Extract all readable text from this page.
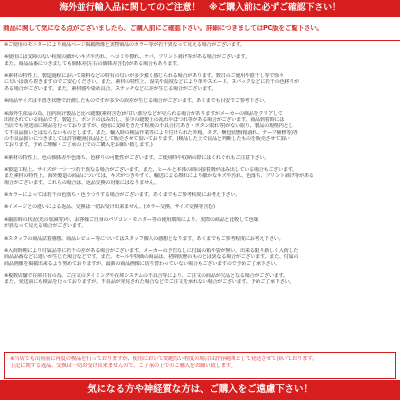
海外並行輸入品に関してのご注意！　※ご購入前に必ずご確認下さい！
商品に関して気になる点がございましたら、ご購入前にご確認下さい。詳細につきましてはPC版をご覧下さい。
※ご使用のモニターにより商品ページ掲載画像と実物商品のカラー等が若干異なって見える場合がございます。
※使用には支障のない程度の細かいキズや汚れ、ヘコミや擦れ、ケバ、プリント剥げ等がある場合がございます。
また、商品品番につきましても個体差(左右の個体差含む)がある場合もあります。
※素材の特性上、製造過程において染料などの特有の匂いが多少強く感じられる場合があります。数日のご使用や陰干し等で徐々
に匂いは落ち着きますのでご安心ください。また、素材の特性上、湿気や温度などにより革やスエード、ヌバックなどに若干の色移りが
ある場合がございます。また、素材感や染め具合、ステッチなどに差が生じる場合がございます。
※商品サイズは平置き状態で計測したものですが多少の誤差が生じる場合がございます。あくまでも目安でご参考下さい。
※海外生産品の為、国内向け製品と比べ縫製(素材含む)が甘い部分などが見られる場合がありますがメーカーの検品をクリアして
出荷されている商品です。製造上、ボンドのはみ出し、多少の縫製上の乱れやほつれ等がある場合がございます。商品到着時には
当店でも発送前に検品を行っておりますが、使用に支障をきたす程度の不具合(穴あき・ボタン取れ等)がない限り、製品の規格内とし
て不良品扱いとはならないものとします。また、輸入時の検品作業等により付けられた外箱、タグ、梱包状態(箱潰れ、テープ補修等)等
の不良品扱いにつきましては許容範囲(良品)として販売させて頂いております。(検品した上で良品と判断したものを販売させて頂い
ております。予めご理解・ご了承の上でのご購入をお願い致します。)
※素材の特性上、色の個体差や色落ち、色移りの可能性がございます。ご使用時や収納の際にはくれぐれもご注意下さい。
※製造工程上、サイズが一つ一つ若干異なる場合がございます。また、ヒールと本体の間の接着剤がはみ出している場合もございます。
また素材の特性上、海外製造の商品については、キズがつきやすく、輸送による擦れにより細かなキズや汚れ、色落ち、プリント剥げ等がある
場合がございます。これらの場合は、返品交換の対象にはなりません。
※カラーによっては若干の色落ち・色うつりする場合がございます。あくまでもご参考程度にお考え下さい。
※イメージとの違いによる返品、交換は一切お受け出来ません。(カラー交換、サイズ交換等含む)
※撮影時の状況(光の加減等)や、お客様ご自身のパソコン・モニター等の使用環境により、実際の商品と比較して色味
が異なって見える場合がございます。
※スタッフの商品試着感想、商品レビュー等についてはスタッフ個人の感想となります。あくまでもご参考程度にお考え下さい。
※入荷時期により付属品等に若干の差がある場合がございます。メーカーの予告なしに付属の箱や袋が無い、出来る限り新しく入荷した
商品品番などに違いが生じた場合などです。また、セールや特価の商品は、初期状態のものとは異なる場合がございます。また、付属の
商品画像を掲載出来るよう努めておりますが、最新の商品画像に切り替わっていない場合もございますので予めご了承下さい。
※複数店舗で在庫共有の為、ご注文のタイミングや在庫システムの不具合等により、ご注文の商品が欠品となる場合がございます。
また、発送前にも検品を行っておりますが、不良品が発見された場合などでご注文を承れない場合がございます。予めご了承下さい。
※当店でも出荷前に再度の検品を行っておりますが、使用において問題ない程度の場合は許容範囲として発送させて頂いております。
上記に関する返品、交換は一切お受け出来ませんので、ご了承の上でのご購入をお願い致します。
気になる方や神経質な方は、ご購入をご遠慮下さい！
